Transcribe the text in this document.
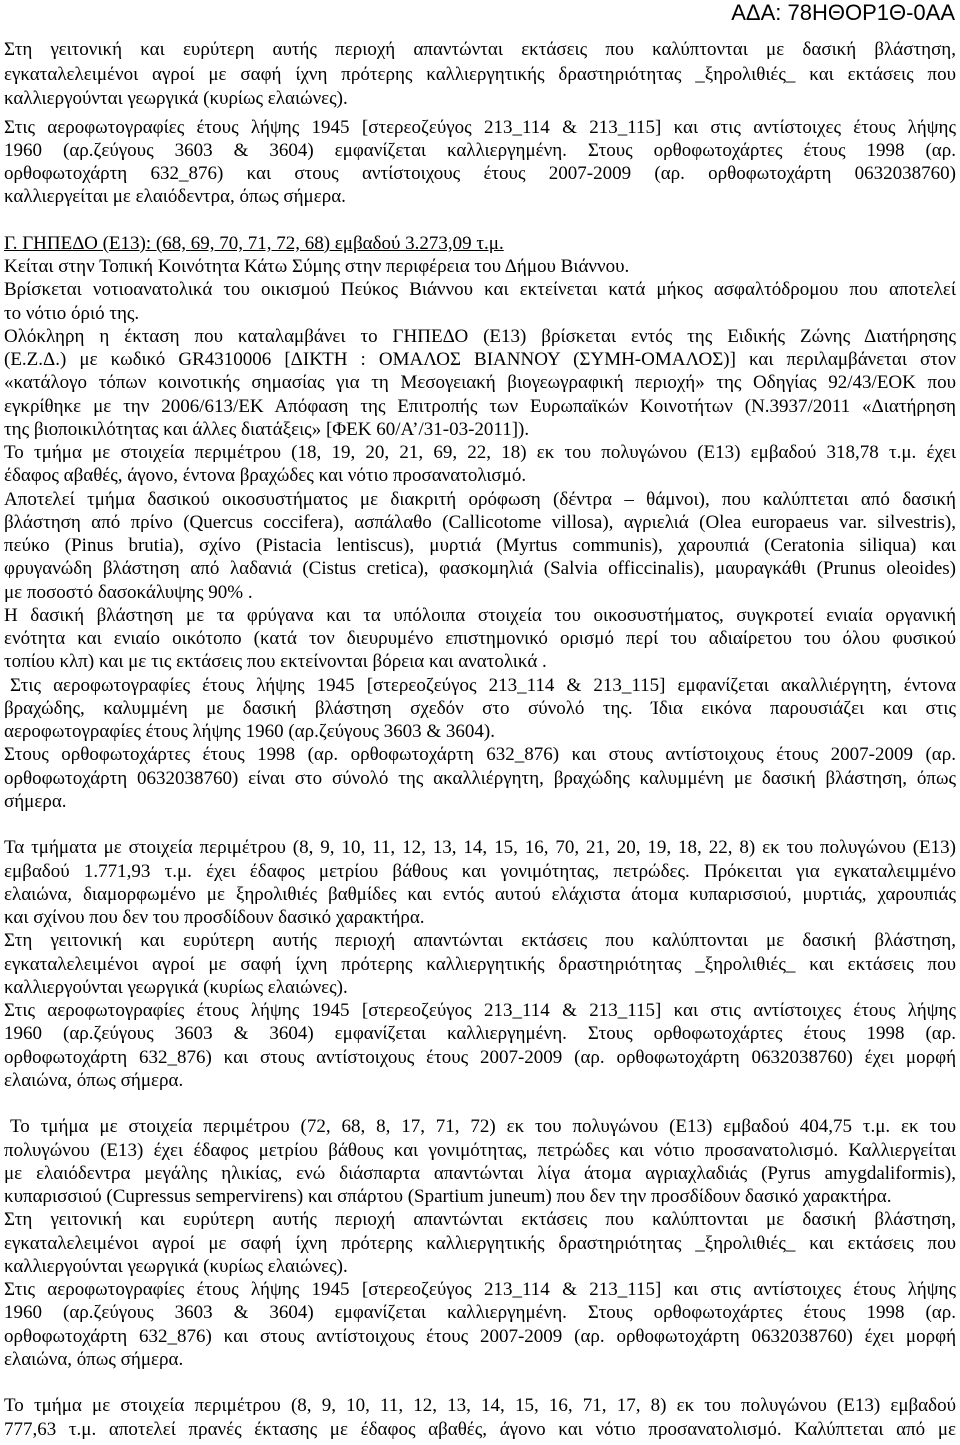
ΑΔΑ: 78ΗΘΟΡ1Θ-0ΑΑ
Στη γειτονική και ευρύτερη αυτής περιοχή απαντώνται εκτάσεις που καλύπτονται με δασική βλάστηση,
εγκαταλελειμένοι αγροί με σαφή ίχνη πρότερης καλλιεργητικής δραστηριότητας _ξηρολιθιές_ και εκτάσεις που
καλλιεργούνται γεωργικά (κυρίως ελαιώνες).
Στις αεροφωτογραφίες έτους λήψης 1945 [στερεοζεύγος 213_114 & 213_115] και στις αντίστοιχες έτους λήψης
1960 (αρ.ζεύγους 3603 & 3604) εμφανίζεται καλλιεργημένη. Στους ορθοφωτοχάρτες έτους 1998 (αρ.
ορθοφωτοχάρτη 632_876) και στους αντίστοιχους έτους 2007-2009 (αρ. ορθοφωτοχάρτη 0632038760)
καλλιεργείται με ελαιόδεντρα, όπως σήμερα.
Γ. ΓΗΠΕΔΟ (Ε13): (68, 69, 70, 71, 72, 68) εμβαδού 3.273,09 τ.μ.
Κείται στην Τοπική Κοινότητα Κάτω Σύμης στην περιφέρεια του Δήμου Βιάννου.
Βρίσκεται νοτιοανατολικά του οικισμού Πεύκος Βιάννου και εκτείνεται κατά μήκος ασφαλτόδρομου που αποτελεί
το νότιο όριό της.
Ολόκληρη η έκταση που καταλαμβάνει το ΓΗΠΕΔΟ (Ε13) βρίσκεται εντός της Ειδικής Ζώνης Διατήρησης
(Ε.Ζ.Δ.) με κωδικό GR4310006 [ΔΙΚΤΗ : ΟΜΑΛΟΣ ΒΙΑΝΝΟΥ (ΣΥΜΗ-ΟΜΑΛΟΣ)] και περιλαμβάνεται στον
«κατάλογο τόπων κοινοτικής σημασίας για τη Μεσογειακή βιογεωγραφική περιοχή» της Οδηγίας 92/43/ΕΟΚ που
εγκρίθηκε με την 2006/613/ΕΚ Απόφαση της Επιτροπής των Ευρωπαϊκών Κοινοτήτων (Ν.3937/2011 «Διατήρηση
της βιοποικιλότητας και άλλες διατάξεις» [ΦΕΚ 60/Α’/31-03-2011]).
Το τμήμα με στοιχεία περιμέτρου (18, 19, 20, 21, 69, 22, 18) εκ του πολυγώνου (Ε13) εμβαδού 318,78 τ.μ. έχει
έδαφος αβαθές, άγονο, έντονα βραχώδες και νότιο προσανατολισμό.
Αποτελεί τμήμα δασικού οικοσυστήματος με διακριτή ορόφωση (δέντρα – θάμνοι), που καλύπτεται από δασική
βλάστηση από πρίνο (Quercus coccifera), ασπάλαθο (Callicotome villosa), αγριελιά (Olea europaeus var. silvestris),
πεύκο (Pinus brutia), σχίνο (Pistacia lentiscus), μυρτιά (Myrtus communis), χαρουπιά (Ceratonia siliqua) και
φρυγανώδη βλάστηση από λαδανιά (Cistus cretica), φασκομηλιά (Salvia officcinalis), μαυραγκάθι (Prunus oleoides)
με ποσοστό δασοκάλυψης 90% .
Η δασική βλάστηση με τα φρύγανα και τα υπόλοιπα στοιχεία του οικοσυστήματος, συγκροτεί ενιαία οργανική
ενότητα και ενιαίο οικότοπο (κατά τον διευρυμένο επιστημονικό ορισμό περί του αδιαίρετου του όλου φυσικού
τοπίου κλπ) και με τις εκτάσεις που εκτείνονται βόρεια και ανατολικά .
Στις αεροφωτογραφίες έτους λήψης 1945 [στερεοζεύγος 213_114 & 213_115] εμφανίζεται ακαλλιέργητη, έντονα
βραχώδης, καλυμμένη με δασική βλάστηση σχεδόν στο σύνολό της. Ίδια εικόνα παρουσιάζει και στις
αεροφωτογραφίες έτους λήψης 1960 (αρ.ζεύγους 3603 & 3604).
Στους ορθοφωτοχάρτες έτους 1998 (αρ. ορθοφωτοχάρτη 632_876) και στους αντίστοιχους έτους 2007-2009 (αρ.
ορθοφωτοχάρτη 0632038760) είναι στο σύνολό της ακαλλιέργητη, βραχώδης καλυμμένη με δασική βλάστηση, όπως
σήμερα.
Τα τμήματα με στοιχεία περιμέτρου (8, 9, 10, 11, 12, 13, 14, 15, 16, 70, 21, 20, 19, 18, 22, 8) εκ του πολυγώνου (Ε13)
εμβαδού 1.771,93 τ.μ. έχει έδαφος μετρίου βάθους και γονιμότητας, πετρώδες. Πρόκειται για εγκαταλειμμένο
ελαιώνα, διαμορφωμένο με ξηρολιθιές βαθμίδες και εντός αυτού ελάχιστα άτομα κυπαρισσιού, μυρτιάς, χαρουπιάς
και σχίνου που δεν του προσδίδουν δασικό χαρακτήρα.
Στη γειτονική και ευρύτερη αυτής περιοχή απαντώνται εκτάσεις που καλύπτονται με δασική βλάστηση,
εγκαταλελειμένοι αγροί με σαφή ίχνη πρότερης καλλιεργητικής δραστηριότητας _ξηρολιθιές_ και εκτάσεις που
καλλιεργούνται γεωργικά (κυρίως ελαιώνες).
Στις αεροφωτογραφίες έτους λήψης 1945 [στερεοζεύγος 213_114 & 213_115] και στις αντίστοιχες έτους λήψης
1960 (αρ.ζεύγους 3603 & 3604) εμφανίζεται καλλιεργημένη. Στους ορθοφωτοχάρτες έτους 1998 (αρ.
ορθοφωτοχάρτη 632_876) και στους αντίστοιχους έτους 2007-2009 (αρ. ορθοφωτοχάρτη 0632038760) έχει μορφή
ελαιώνα, όπως σήμερα.
Το τμήμα με στοιχεία περιμέτρου (72, 68, 8, 17, 71, 72) εκ του πολυγώνου (Ε13) εμβαδού 404,75 τ.μ. εκ του
πολυγώνου (Ε13) έχει έδαφος μετρίου βάθους και γονιμότητας, πετρώδες και νότιο προσανατολισμό. Καλλιεργείται
με ελαιόδεντρα μεγάλης ηλικίας, ενώ διάσπαρτα απαντώνται λίγα άτομα αγριαχλαδιάς (Pyrus amygdaliformis),
κυπαρισσιού (Cupressus sempervirens) και σπάρτου (Spartium juneum) που δεν την προσδίδουν δασικό χαρακτήρα.
Στη γειτονική και ευρύτερη αυτής περιοχή απαντώνται εκτάσεις που καλύπτονται με δασική βλάστηση,
εγκαταλελειμένοι αγροί με σαφή ίχνη πρότερης καλλιεργητικής δραστηριότητας _ξηρολιθιές_ και εκτάσεις που
καλλιεργούνται γεωργικά (κυρίως ελαιώνες).
Στις αεροφωτογραφίες έτους λήψης 1945 [στερεοζεύγος 213_114 & 213_115] και στις αντίστοιχες έτους λήψης
1960 (αρ.ζεύγους 3603 & 3604) εμφανίζεται καλλιεργημένη. Στους ορθοφωτοχάρτες έτους 1998 (αρ.
ορθοφωτοχάρτη 632_876) και στους αντίστοιχους έτους 2007-2009 (αρ. ορθοφωτοχάρτη 0632038760) έχει μορφή
ελαιώνα, όπως σήμερα.
Το τμήμα με στοιχεία περιμέτρου (8, 9, 10, 11, 12, 13, 14, 15, 16, 71, 17, 8) εκ του πολυγώνου (Ε13) εμβαδού
777,63 τ.μ. αποτελεί πρανές έκτασης με έδαφος αβαθές, άγονο και νότιο προσανατολισμό. Καλύπτεται από με
